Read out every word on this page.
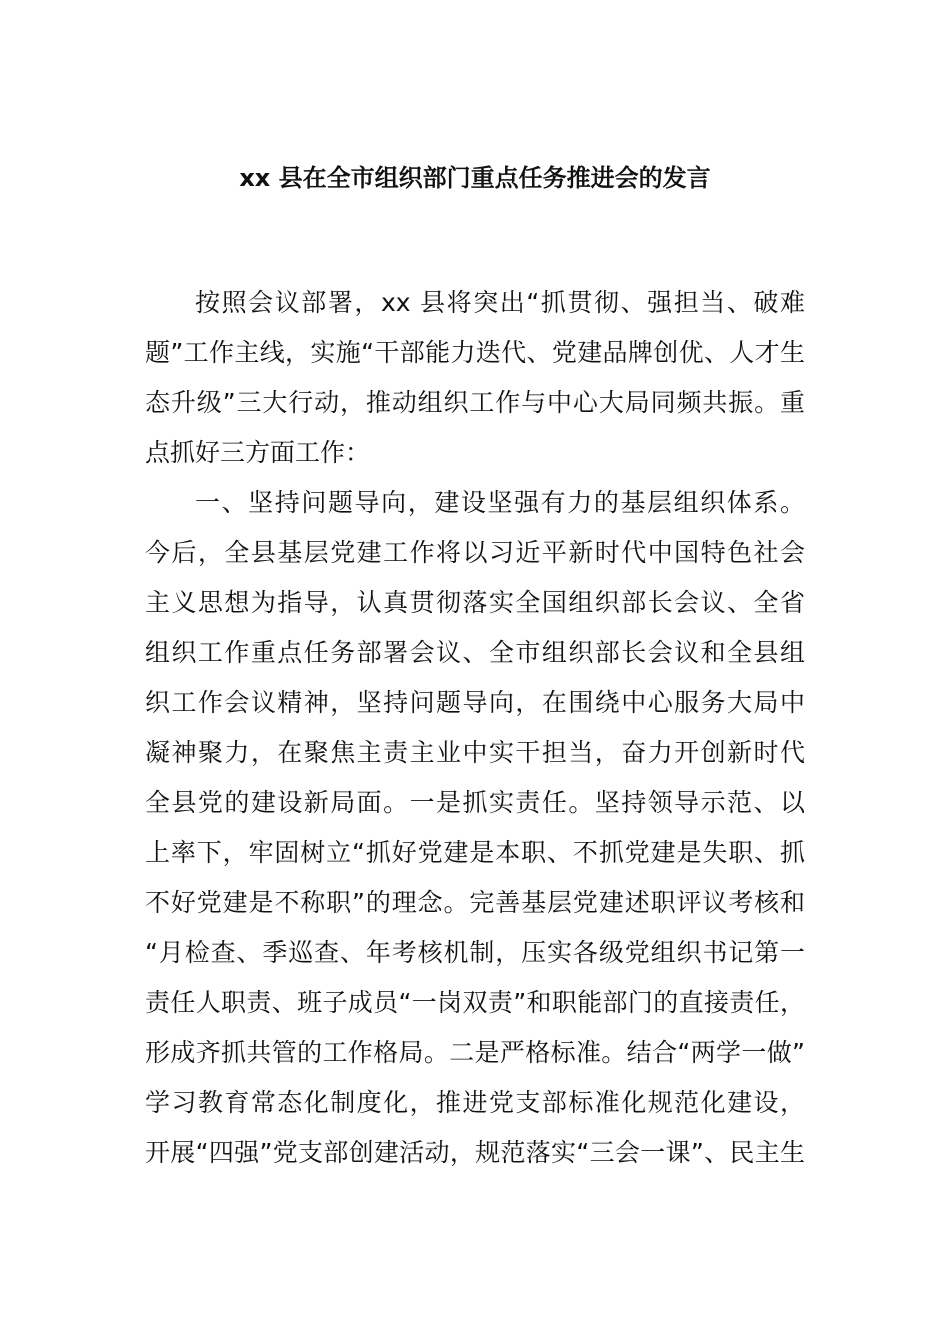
xx 县在全市组织部门重点任务推进会的发言
按照会议部署，xx 县将突出“抓贯彻、强担当、破难
题”工作主线，实施“干部能力迭代、党建品牌创优、人才生
态升级”三大行动，推动组织工作与中心大局同频共振。重
点抓好三方面工作：
一、坚持问题导向，建设坚强有力的基层组织体系。
今后，全县基层党建工作将以习近平新时代中国特色社会
主义思想为指导，认真贯彻落实全国组织部长会议、全省
组织工作重点任务部署会议、全市组织部长会议和全县组
织工作会议精神，坚持问题导向，在围绕中心服务大局中
凝神聚力，在聚焦主责主业中实干担当，奋力开创新时代
全县党的建设新局面。一是抓实责任。坚持领导示范、以
上率下，牢固树立“抓好党建是本职、不抓党建是失职、抓
不好党建是不称职”的理念。完善基层党建述职评议考核和
“月检查、季巡查、年考核机制，压实各级党组织书记第一
责任人职责、班子成员“一岗双责”和职能部门的直接责任，
形成齐抓共管的工作格局。二是严格标准。结合“两学一做”
学习教育常态化制度化，推进党支部标准化规范化建设，
开展“四强”党支部创建活动，规范落实“三会一课”、民主生
